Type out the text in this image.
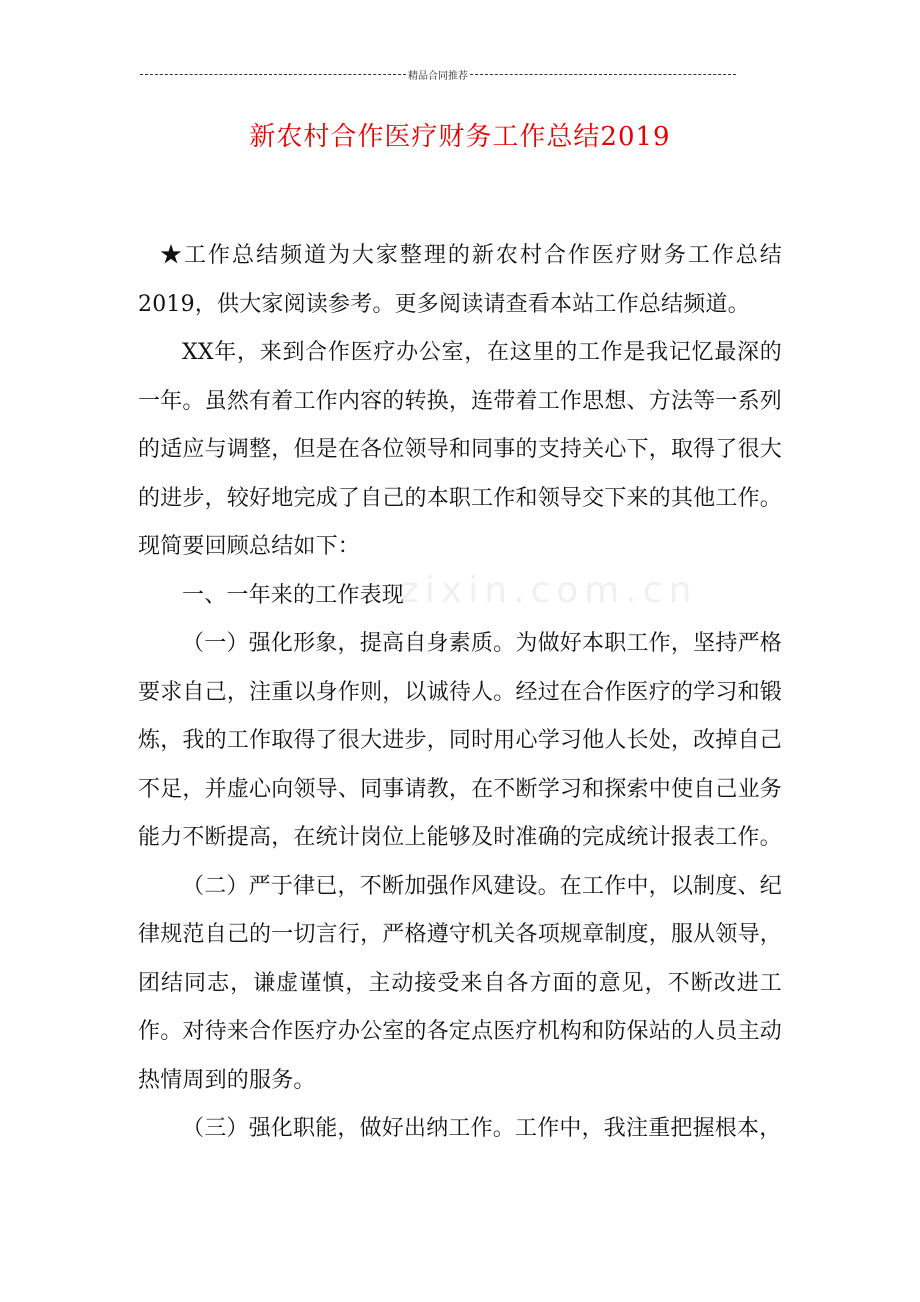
精品合同推荐
新农村合作医疗财务工作总结2019
zixin.com.cn

★工作总结频道为大家整理的新农村合作医疗财务工作总结2019，供大家阅读参考。更多阅读请查看本站工作总结频道。

XX年，来到合作医疗办公室，在这里的工作是我记忆最深的一年。虽然有着工作内容的转换，连带着工作思想、方法等一系列的适应与调整，但是在各位领导和同事的支持关心下，取得了很大的进步，较好地完成了自己的本职工作和领导交下来的其他工作。现简要回顾总结如下：

一、一年来的工作表现

（一）强化形象，提高自身素质。为做好本职工作，坚持严格要求自己，注重以身作则，以诚待人。经过在合作医疗的学习和锻炼，我的工作取得了很大进步，同时用心学习他人长处，改掉自己不足，并虚心向领导、同事请教，在不断学习和探索中使自己业务能力不断提高，在统计岗位上能够及时准确的完成统计报表工作。

（二）严于律已，不断加强作风建设。在工作中，以制度、纪律规范自己的一切言行，严格遵守机关各项规章制度，服从领导，团结同志，谦虚谨慎，主动接受来自各方面的意见，不断改进工作。对待来合作医疗办公室的各定点医疗机构和防保站的人员主动热情周到的服务。

（三）强化职能，做好出纳工作。工作中，我注重把握根本，
